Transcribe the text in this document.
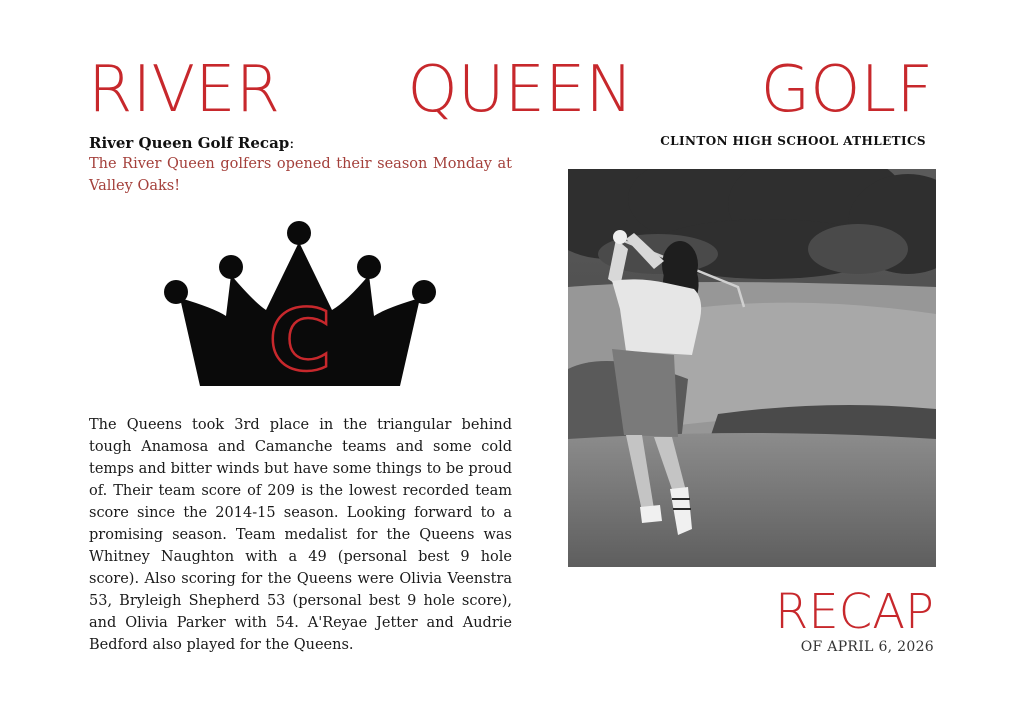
RIVER QUEEN GOLF
CLINTON HIGH SCHOOL ATHLETICS
River Queen Golf Recap:
The River Queen golfers opened their season Monday at Valley Oaks!
C
The Queens took 3rd place in the triangular behind tough Anamosa and Camanche teams and some cold temps and bitter winds but have some things to be proud of. Their team score of 209 is the lowest recorded team score since the 2014-15 season. Looking forward to a promising season. Team medalist for the Queens was Whitney Naughton with a 49 (personal best 9 hole score). Also scoring for the Queens were Olivia Veenstra 53, Bryleigh Shepherd 53 (personal best 9 hole score), and Olivia Parker with 54. A'Reyae Jetter and Audrie Bedford also played for the Queens.
RECAP
OF APRIL 6, 2026
